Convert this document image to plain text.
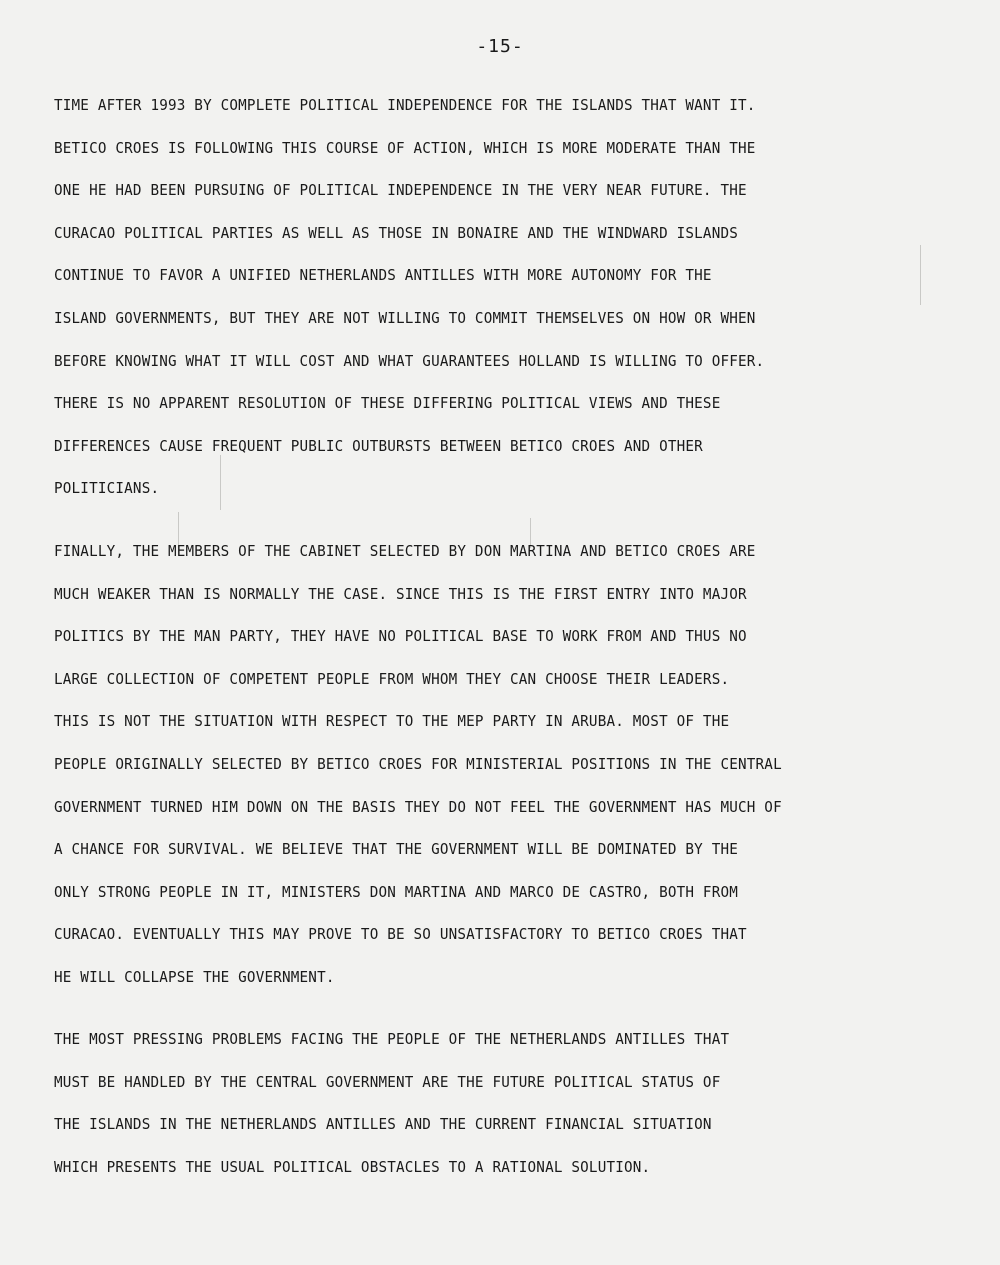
-15-
TIME AFTER 1993 BY COMPLETE POLITICAL INDEPENDENCE FOR THE ISLANDS THAT WANT IT.
BETICO CROES IS FOLLOWING THIS COURSE OF ACTION, WHICH IS MORE MODERATE THAN THE
ONE HE HAD BEEN PURSUING OF POLITICAL INDEPENDENCE IN THE VERY NEAR FUTURE. THE
CURACAO POLITICAL PARTIES AS WELL AS THOSE IN BONAIRE AND THE WINDWARD ISLANDS
CONTINUE TO FAVOR A UNIFIED NETHERLANDS ANTILLES WITH MORE AUTONOMY FOR THE
ISLAND GOVERNMENTS, BUT THEY ARE NOT WILLING TO COMMIT THEMSELVES ON HOW OR WHEN
BEFORE KNOWING WHAT IT WILL COST AND WHAT GUARANTEES HOLLAND IS WILLING TO OFFER.
THERE IS NO APPARENT RESOLUTION OF THESE DIFFERING POLITICAL VIEWS AND THESE
DIFFERENCES CAUSE FREQUENT PUBLIC OUTBURSTS BETWEEN BETICO CROES AND OTHER
POLITICIANS.
FINALLY, THE MEMBERS OF THE CABINET SELECTED BY DON MARTINA AND BETICO CROES ARE
MUCH WEAKER THAN IS NORMALLY THE CASE. SINCE THIS IS THE FIRST ENTRY INTO MAJOR
POLITICS BY THE MAN PARTY, THEY HAVE NO POLITICAL BASE TO WORK FROM AND THUS NO
LARGE COLLECTION OF COMPETENT PEOPLE FROM WHOM THEY CAN CHOOSE THEIR LEADERS.
THIS IS NOT THE SITUATION WITH RESPECT TO THE MEP PARTY IN ARUBA. MOST OF THE
PEOPLE ORIGINALLY SELECTED BY BETICO CROES FOR MINISTERIAL POSITIONS IN THE CENTRAL
GOVERNMENT TURNED HIM DOWN ON THE BASIS THEY DO NOT FEEL THE GOVERNMENT HAS MUCH OF
A CHANCE FOR SURVIVAL. WE BELIEVE THAT THE GOVERNMENT WILL BE DOMINATED BY THE
ONLY STRONG PEOPLE IN IT, MINISTERS DON MARTINA AND MARCO DE CASTRO, BOTH FROM
CURACAO. EVENTUALLY THIS MAY PROVE TO BE SO UNSATISFACTORY TO BETICO CROES THAT
HE WILL COLLAPSE THE GOVERNMENT.
THE MOST PRESSING PROBLEMS FACING THE PEOPLE OF THE NETHERLANDS ANTILLES THAT
MUST BE HANDLED BY THE CENTRAL GOVERNMENT ARE THE FUTURE POLITICAL STATUS OF
THE ISLANDS IN THE NETHERLANDS ANTILLES AND THE CURRENT FINANCIAL SITUATION
WHICH PRESENTS THE USUAL POLITICAL OBSTACLES TO A RATIONAL SOLUTION.
